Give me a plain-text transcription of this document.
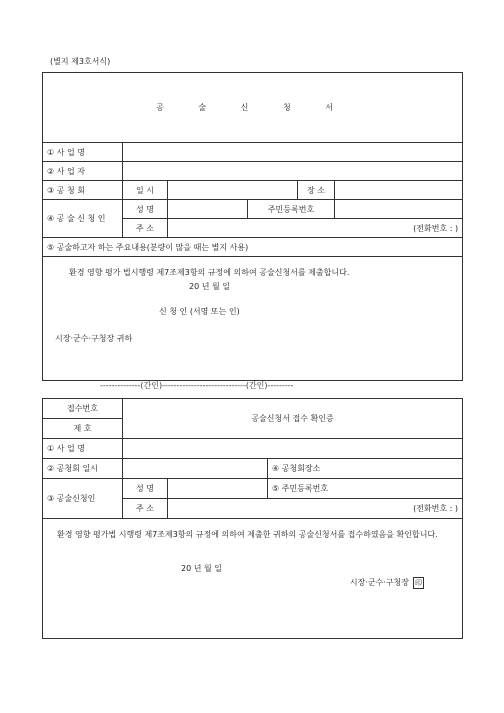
(별지 제3호서식)
공 술 신 청 서					
① 사 업 명					
② 사 업 자					
③ 공 청 회	일 시			장 소	
④ 공 술 신 청 인	성 명		주민등록번호		
	주 소	(전화번호 : )			
⑤ 공술하고자 하는 주요내용(분량이 많을 때는 별지 사용)					

환경 영향 평가 법시행령 제7조제3항의 규정에 의하여 공술신청서를 제출합니다.
20 년 월 일
신 청 인 (서명 또는 인)
시장·군수·구청장 귀하					
--------------(간인)-----------------------------(간인)---------
접수번호	공술신청서 접수 확인증		
제 호			
① 사 업 명			
② 공청회 일시			④ 공청회장소
③ 공술신청인	성 명		⑤ 주민등록번호
	주 소	(전화번호 : )	

환경 영향 평가법 시행령 제7조제3항의 규정에 의하여 제출한 귀하의 공술신청서를 접수하였음을 확인합니다.
20 년 월 일
시장·군수·구청장 印			
